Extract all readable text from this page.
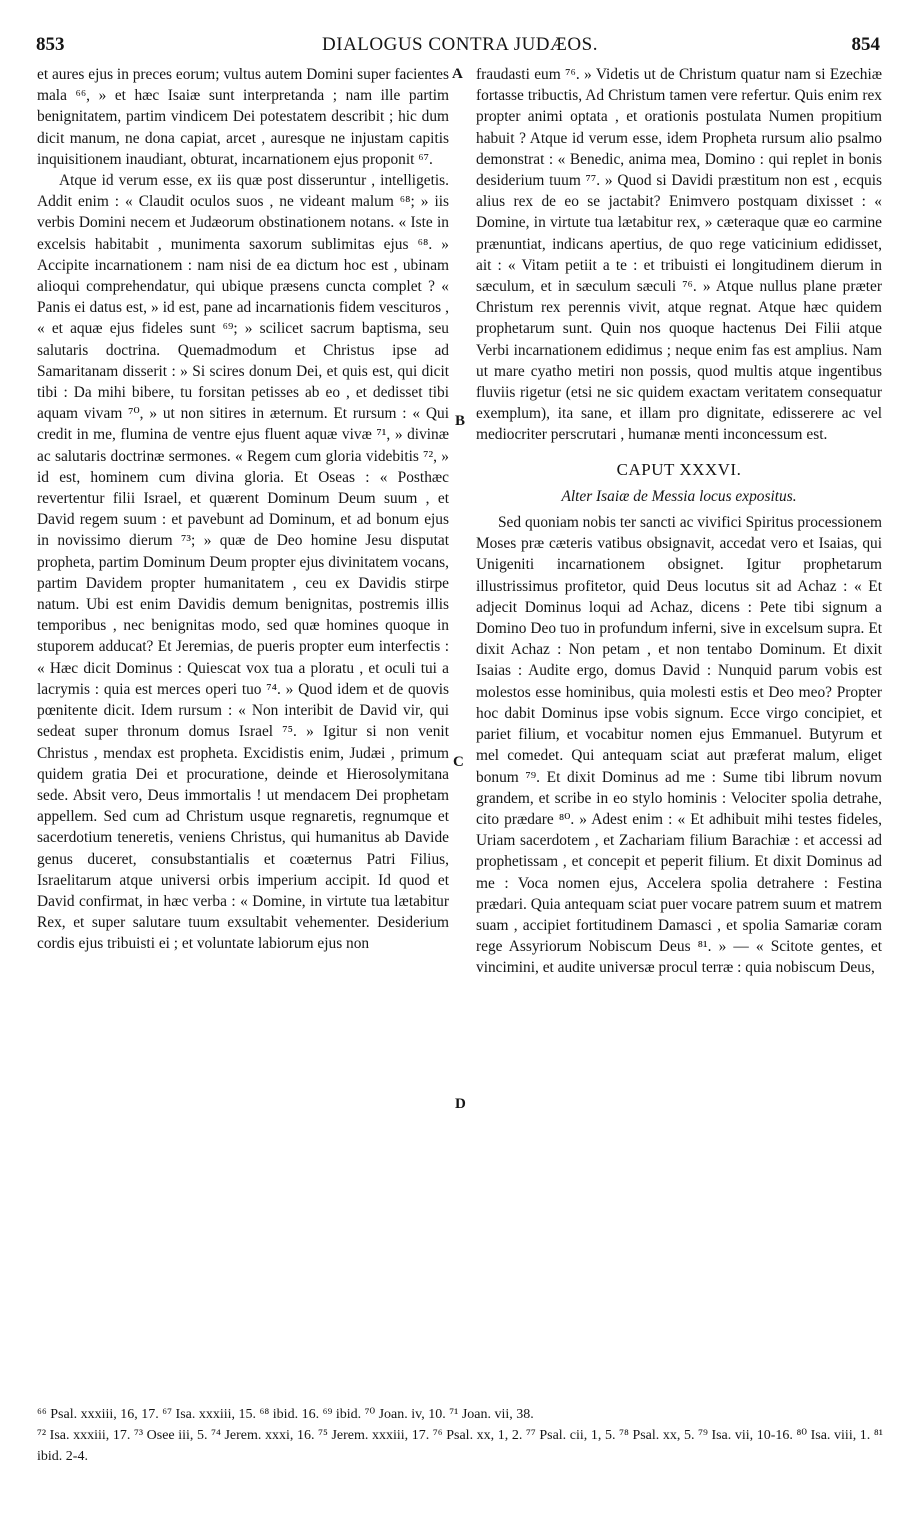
853	DIALOGUS CONTRA JUDÆOS.	854

et aures ejus in preces eorum; vultus autem Domini super facientes mala ⁶⁶, » et hæc Isaiæ sunt interpretanda ; nam ille partim benignitatem, partim vindicem Dei potestatem describit ; hic dum dicit manum, ne dona capiat, arcet , auresque ne injustam capitis inquisitionem inaudiant, obturat, incarnationem ejus proponit ⁶⁷.

Atque id verum esse, ex iis quæ post disseruntur , intelligetis. Addit enim : « Claudit oculos suos , ne videant malum ⁶⁸; » iis verbis Domini necem et Judæorum obstinationem notans. « Iste in excelsis habitabit , munimenta saxorum sublimitas ejus ⁶⁸. » Accipite incarnationem : nam nisi de ea dictum hoc est , ubinam alioqui comprehendatur, qui ubique præsens cuncta complet ? « Panis ei datus est, » id est, pane ad incarnationis fidem vescituros , « et aquæ ejus fideles sunt ⁶⁹; » scilicet sacrum baptisma, seu salutaris doctrina. Quemadmodum et Christus ipse ad Samaritanam disserit : » Si scires donum Dei, et quis est, qui dicit tibi : Da mihi bibere, tu forsitan petisses ab eo , et dedisset tibi aquam vivam ⁷⁰, » ut non sitires in æternum. Et rursum : « Qui credit in me, flumina de ventre ejus fluent aquæ vivæ ⁷¹, » divinæ ac salutaris doctrinæ sermones. « Regem cum gloria videbitis ⁷², » id est, hominem cum divina gloria. Et Oseas : « Posthæc revertentur filii Israel, et quærent Dominum Deum suum , et David regem suum : et pavebunt ad Dominum, et ad bonum ejus in novissimo dierum ⁷³; » quæ de Deo homine Jesu disputat propheta, partim Dominum Deum propter ejus divinitatem vocans, partim Davidem propter humanitatem , ceu ex Davidis stirpe natum. Ubi est enim Davidis demum benignitas, postremis illis temporibus , nec benignitas modo, sed quæ homines quoque in stuporem adducat? Et Jeremias, de pueris propter eum interfectis : « Hæc dicit Dominus : Quiescat vox tua a ploratu , et oculi tui a lacrymis : quia est merces operi tuo ⁷⁴. » Quod idem et de quovis pœnitente dicit. Idem rursum : « Non interibit de David vir, qui sedeat super thronum domus Israel ⁷⁵. » Igitur si non venit Christus , mendax est propheta. Excidistis enim, Judæi , primum quidem gratia Dei et procuratione, deinde et Hierosolymitana sede. Absit vero, Deus immortalis ! ut mendacem Dei prophetam appellem. Sed cum ad Christum usque regnaretis, regnumque et sacerdotium teneretis, veniens Christus, qui humanitus ab Davide genus duceret, consubstantialis et coæternus Patri Filius, Israelitarum atque universi orbis imperium accipit. Id quod et David confirmat, in hæc verba : « Domine, in virtute tua lætabitur Rex, et super salutare tuum exsultabit vehementer. Desiderium cordis ejus tribuisti ei ; et voluntate labiorum ejus non

A
B
C
D

fraudasti eum ⁷⁶. » Videtis ut de Christum quatur nam si Ezechiæ fortasse tribuctis, Ad Christum tamen vere refertur. Quis enim rex propter animi optata , et orationis postulata Numen propitium habuit ? Atque id verum esse, idem Propheta rursum alio psalmo demonstrat : « Benedic, anima mea, Domino : qui replet in bonis desiderium tuum ⁷⁷. » Quod si Davidi præstitum non est , ecquis alius rex de eo se jactabit? Enimvero postquam dixisset : « Domine, in virtute tua lætabitur rex, » cæteraque quæ eo carmine prænuntiat, indicans apertius, de quo rege vaticinium edidisset, ait : « Vitam petiit a te : et tribuisti ei longitudinem dierum in sæculum, et in sæculum sæculi ⁷⁶. » Atque nullus plane præter Christum rex perennis vivit, atque regnat. Atque hæc quidem prophetarum sunt. Quin nos quoque hactenus Dei Filii atque Verbi incarnationem edidimus ; neque enim fas est amplius. Nam ut mare cyatho metiri non possis, quod multis atque ingentibus fluviis rigetur (etsi ne sic quidem exactam veritatem consequatur exemplum), ita sane, et illam pro dignitate, edisserere ac vel mediocriter perscrutari , humanæ menti inconcessum est.

CAPUT XXXVI.
Alter Isaiæ de Messia locus expositus.

Sed quoniam nobis ter sancti ac vivifici Spiritus processionem Moses præ cæteris vatibus obsignavit, accedat vero et Isaias, qui Unigeniti incarnationem obsignet. Igitur prophetarum illustrissimus profitetor, quid Deus locutus sit ad Achaz : « Et adjecit Dominus loqui ad Achaz, dicens : Pete tibi signum a Domino Deo tuo in profundum inferni, sive in excelsum supra. Et dixit Achaz : Non petam , et non tentabo Dominum. Et dixit Isaias : Audite ergo, domus David : Nunquid parum vobis est molestos esse hominibus, quia molesti estis et Deo meo? Propter hoc dabit Dominus ipse vobis signum. Ecce virgo concipiet, et pariet filium, et vocabitur nomen ejus Emmanuel. Butyrum et mel comedet. Qui antequam sciat aut præferat malum, eliget bonum ⁷⁹. Et dixit Dominus ad me : Sume tibi librum novum grandem, et scribe in eo stylo hominis : Velociter spolia detrahe, cito prædare ⁸⁰. » Adest enim : « Et adhibuit mihi testes fideles, Uriam sacerdotem , et Zachariam filium Barachiæ : et accessi ad prophetissam , et concepit et peperit filium. Et dixit Dominus ad me : Voca nomen ejus, Accelera spolia detrahere : Festina prædari. Quia antequam sciat puer vocare patrem suum et matrem suam , accipiet fortitudinem Damasci , et spolia Samariæ coram rege Assyriorum Nobiscum Deus ⁸¹. » — « Scitote gentes, et vincimini, et audite universæ procul terræ : quia nobiscum Deus,

⁶⁶ Psal. xxxiii, 16, 17. ⁶⁷ Isa. xxxiii, 15. ⁶⁸ ibid. 16. ⁶⁹ ibid. ⁷⁰ Joan. iv, 10. ⁷¹ Joan. vii, 38.

⁷² Isa. xxxiii, 17. ⁷³ Osee iii, 5. ⁷⁴ Jerem. xxxi, 16. ⁷⁵ Jerem. xxxiii, 17. ⁷⁶ Psal. xx, 1, 2. ⁷⁷ Psal. cii, 1, 5. ⁷⁸ Psal. xx, 5. ⁷⁹ Isa. vii, 10-16. ⁸⁰ Isa. viii, 1. ⁸¹ ibid. 2-4.
